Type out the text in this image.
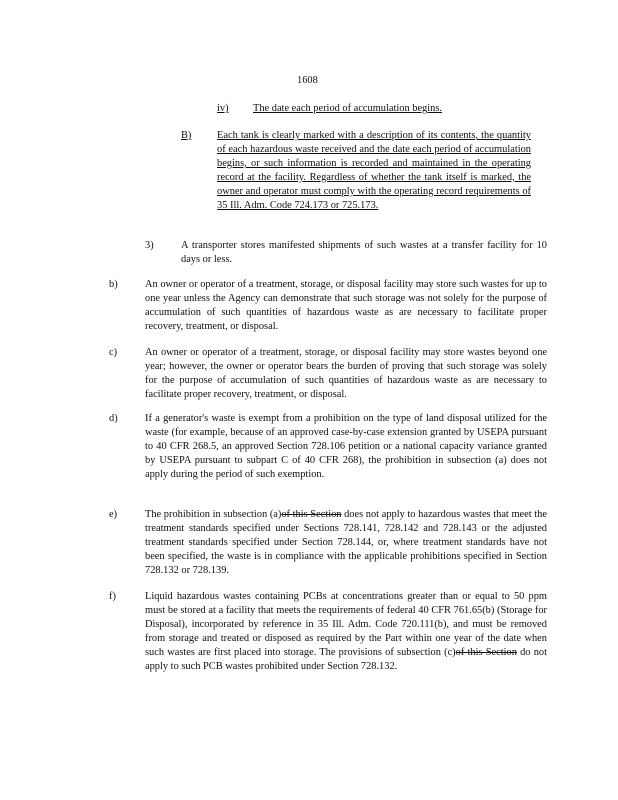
1608
iv) The date each period of accumulation begins.
B) Each tank is clearly marked with a description of its contents, the quantity of each hazardous waste received and the date each period of accumulation begins, or such information is recorded and maintained in the operating record at the facility. Regardless of whether the tank itself is marked, the owner and operator must comply with the operating record requirements of 35 Ill. Adm. Code 724.173 or 725.173.

3)	A transporter stores manifested shipments of such wastes at a transfer facility for 10 days or less.

b)	An owner or operator of a treatment, storage, or disposal facility may store such wastes for up to one year unless the Agency can demonstrate that such storage was not solely for the purpose of accumulation of such quantities of hazardous waste as are necessary to facilitate proper recovery, treatment, or disposal.

c)	An owner or operator of a treatment, storage, or disposal facility may store wastes beyond one year; however, the owner or operator bears the burden of proving that such storage was solely for the purpose of accumulation of such quantities of hazardous waste as are necessary to facilitate proper recovery, treatment, or disposal.

d)	If a generator's waste is exempt from a prohibition on the type of land disposal utilized for the waste (for example, because of an approved case-by-case extension granted by USEPA pursuant to 40 CFR 268.5, an approved Section 728.106 petition or a national capacity variance granted by USEPA pursuant to subpart C of 40 CFR 268), the prohibition in subsection (a) does not apply during the period of such exemption.

e)	The prohibition in subsection (a)of this Section does not apply to hazardous wastes that meet the treatment standards specified under Sections 728.141, 728.142 and 728.143 or the adjusted treatment standards specified under Section 728.144, or, where treatment standards have not been specified, the waste is in compliance with the applicable prohibitions specified in Section 728.132 or 728.139.

f)	Liquid hazardous wastes containing PCBs at concentrations greater than or equal to 50 ppm must be stored at a facility that meets the requirements of federal 40 CFR 761.65(b) (Storage for Disposal), incorporated by reference in 35 Ill. Adm. Code 720.111(b), and must be removed from storage and treated or disposed as required by the Part within one year of the date when such wastes are first placed into storage. The provisions of subsection (c)of this Section do not apply to such PCB wastes prohibited under Section 728.132.
